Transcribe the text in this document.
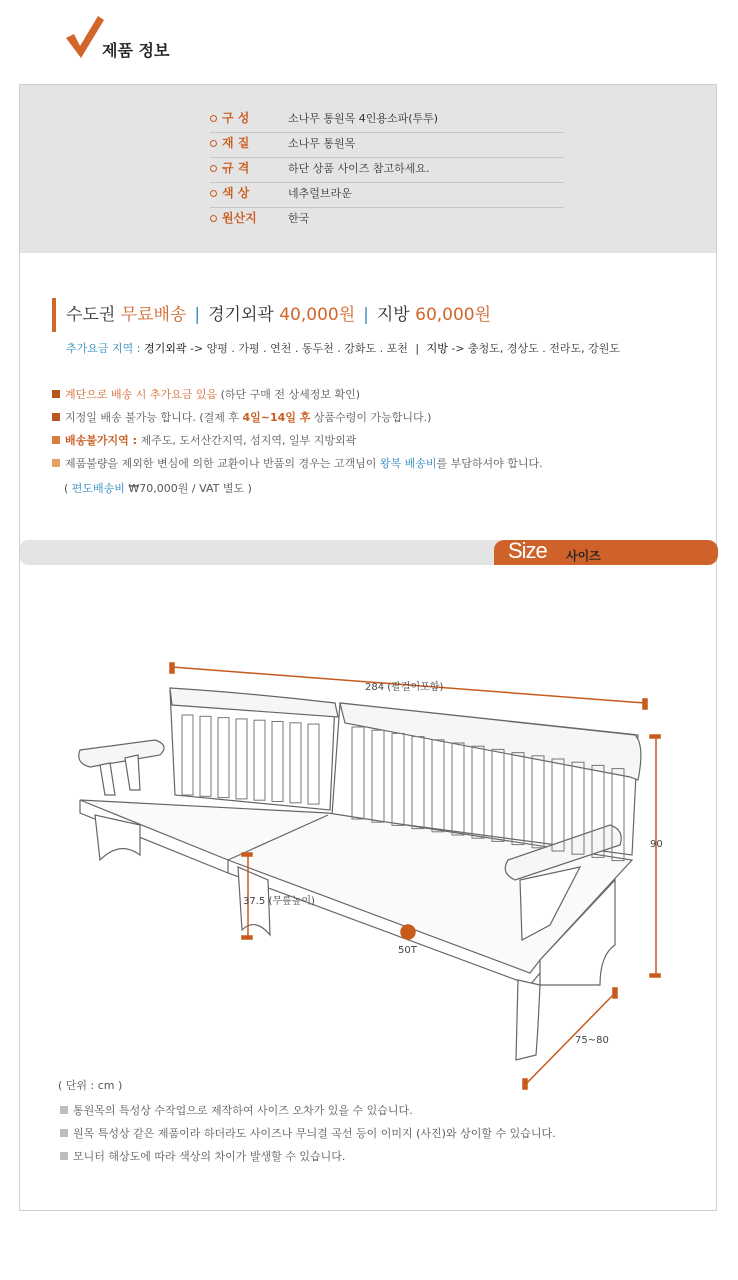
제품 정보
구 성	소나무 통원목 4인용소파(투투)
재 질	소나무 통원목
규 격	하단 상품 사이즈 참고하세요.
색 상	네추럴브라운
원산지	한국
수도권 무료배송 | 경기외곽 40,000원 | 지방 60,000원
추가요금 지역 : 경기외곽 -> 양평 . 가평 . 연천 . 동두천 . 강화도 . 포천 | 지방 -> 충청도, 경상도 . 전라도, 강원도
계단으로 배송 시 추가요금 있음 (하단 구매 전 상세정보 확인)
지정일 배송 불가능 합니다. (결제 후 4일~14일 후 상품수령이 가능합니다.)
배송불가지역 : 제주도, 도서산간지역, 섬지역, 일부 지방외곽
제품불량을 제외한 변심에 의한 교환이나 반품의 경우는 고객님이 왕복 배송비를 부담하셔야 합니다.
( 편도배송비 ₩70,000원 / VAT 별도 )
Size 사이즈
284 (팔걸이포함)
90
37.5 (무릎높이)
50T
75~80
( 단위 : cm )
통원목의 특성상 수작업으로 제작하여 사이즈 오차가 있을 수 있습니다.
원목 특성상 같은 제품이라 하더라도 사이즈나 무늬결 곡선 등이 이미지 (사진)와 상이할 수 있습니다.
모니터 해상도에 따라 색상의 차이가 발생할 수 있습니다.
